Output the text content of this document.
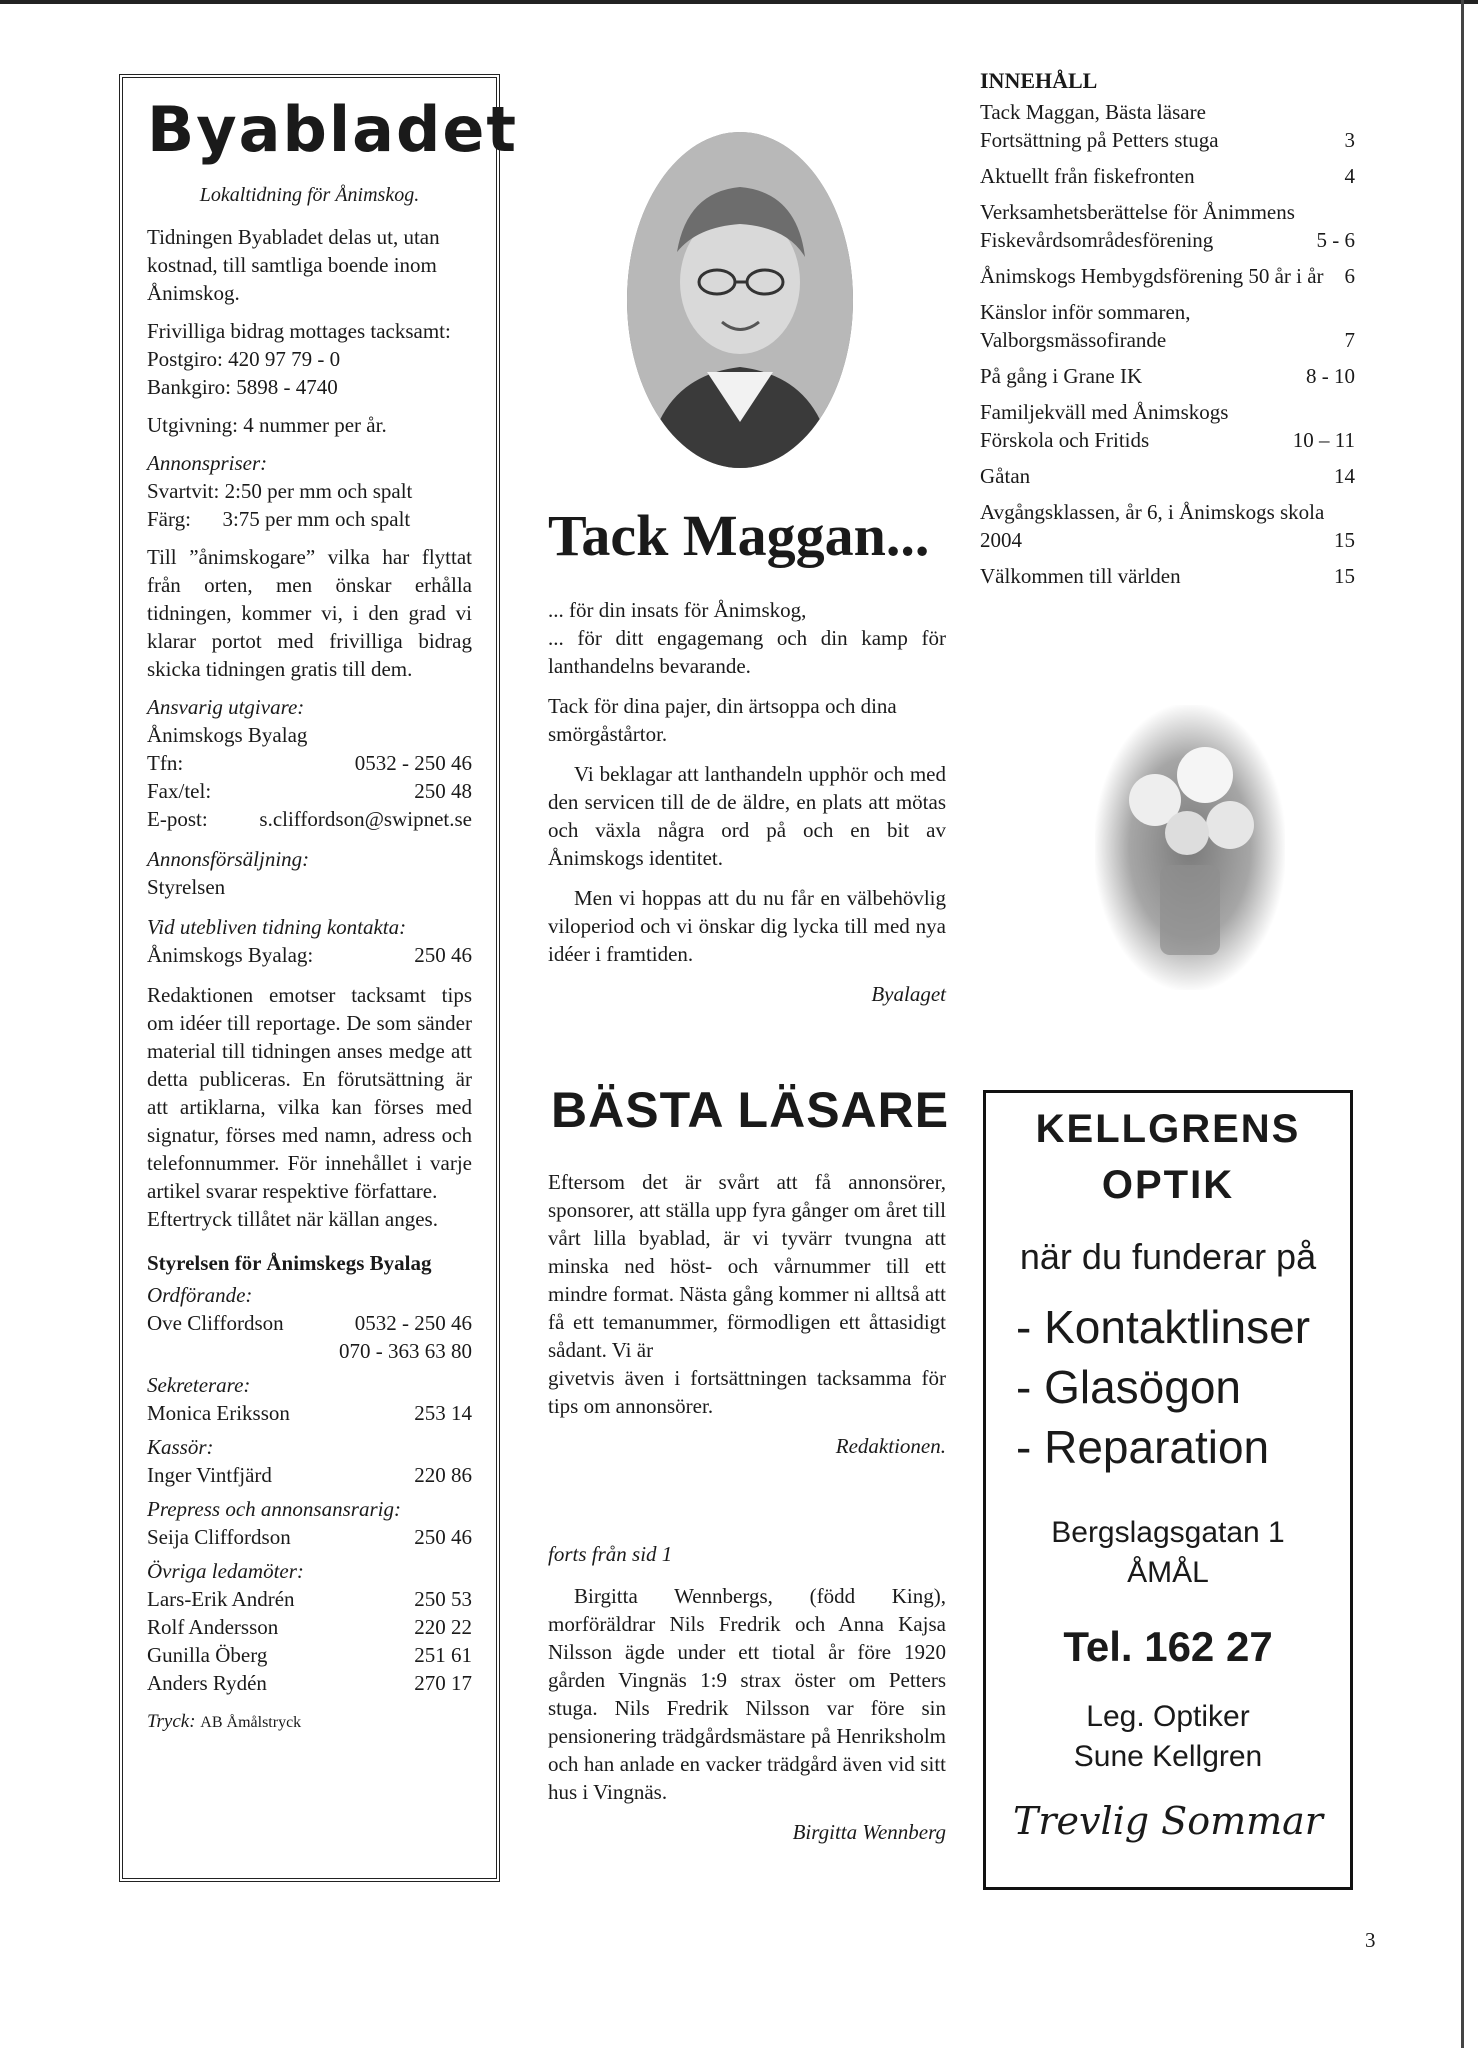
Byabladet
Lokaltidning för Ånimskog.

Tidningen Byabladet delas ut, utan kostnad, till samtliga boende inom Ånimskog.

Frivilliga bidrag mottages tacksamt:

Postgiro: 420 97 79 - 0

Bankgiro: 5898 - 4740

Utgivning: 4 nummer per år.

Annonspriser:

Svartvit: 2:50 per mm och spalt

Färg:      3:75 per mm och spalt

Till ”ånimskogare” vilka har flyttat från orten, men önskar erhålla tidningen, kommer vi, i den grad vi klarar portot med frivilliga bidrag skicka tidningen gratis till dem.

Ansvarig utgivare:

Ånimskogs Byalag

Tfn:	0532 - 250 46
Fax/tel:	250 48
E-post: s.cliffordson@swipnet.se

Annonsförsäljning:

Styrelsen

Vid utebliven tidning kontakta:

Ånimskogs Byalag:	250 46

Redaktionen emotser tacksamt tips om idéer till reportage. De som sänder material till tidningen anses medge att detta publiceras. En förutsättning är att artiklarna, vilka kan förses med signatur, förses med namn, adress och telefonnummer. För innehållet i varje artikel svarar respektive författare.

Eftertryck tillåtet när källan anges.

Styrelsen för Ånimskegs Byalag

Ordförande:

Ove Cliffordson	0532 - 250 46
070 - 363 63 80

Sekreterare:

Monica Eriksson	253 14

Kassör:

Inger Vintfjärd	220 86

Prepress och annonsansrarig:

Seija Cliffordson	250 46

Övriga ledamöter:

Lars-Erik Andrén	250 53
Rolf Andersson	220 22
Gunilla Öberg	251 61
Anders Rydén	270 17
Tryck: AB Åmålstryck
Tack Maggan...

... för din insats för Ånimskog,

... för ditt engagemang och din kamp för lanthandelns bevarande.

Tack för dina pajer, din ärtsoppa och dina smörgåstårtor.

Vi beklagar att lanthandeln upphör och med den servicen till de de äldre, en plats att mötas och växla några ord på och en bit av Ånimskogs identitet.

Men vi hoppas att du nu får en välbehövlig viloperiod och vi önskar dig lycka till med nya idéer i framtiden.

Byalaget

BÄSTA LÄSARE

Eftersom det är svårt att få annonsörer, sponsorer, att ställa upp fyra gånger om året till vårt lilla byablad, är vi tyvärr tvungna att minska ned höst- och vårnummer till ett mindre format. Nästa gång kommer ni alltså att få ett temanummer, förmodligen ett åttasidigt sådant. Vi är

givetvis även i fortsättningen tacksamma för tips om annonsörer.

Redaktionen.

forts från sid 1

Birgitta Wennbergs, (född King), morföräldrar Nils Fredrik och Anna Kajsa Nilsson ägde under ett tiotal år före 1920 gården Vingnäs 1:9 strax öster om Petters stuga. Nils Fredrik Nilsson var före sin pensionering trädgårdsmästare på Henriksholm och han anlade en vacker trädgård även vid sitt hus i Vingnäs.

Birgitta Wennberg

INNEHÅLL
Tack Maggan, Bästa läsare
Fortsättning på Petters stuga	3
Aktuellt från fiskefronten	4
Verksamhetsberättelse för Ånimmens Fiskevårdsområdesförening	5 - 6
Ånimskogs Hembygdsförening 50 år i år 6
Känslor inför sommaren,
Valborgsmässofirande	7
På gång i Grane IK	8 - 10
Familjekväll med Ånimskogs Förskola och Fritids	10 – 11
Gåtan	14
Avgångsklassen, år 6, i Ånimskogs skola 2004	15
Välkommen till världen	15
KELLGRENS
OPTIK
när du funderar på
- Kontaktlinser
- Glasögon
- Reparation
Bergslagsgatan 1
ÅMÅL
Tel. 162 27
Leg. Optiker
Sune Kellgren
Trevlig Sommar
3
